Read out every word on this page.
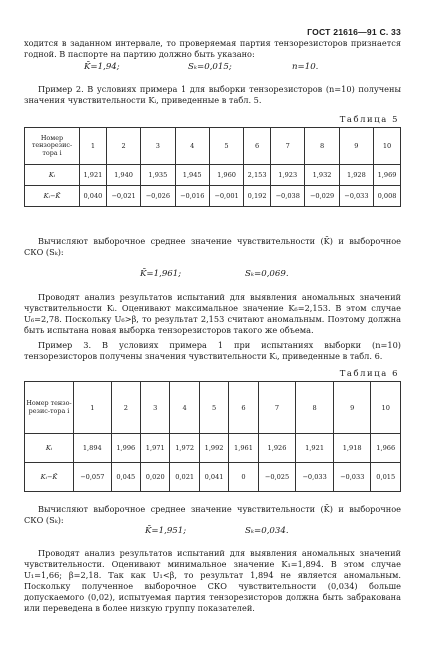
ГОСТ 21616—91 С. 33
ходится в заданном интервале, то проверяемая партия тензорезисторов признается годной. В паспорте на партию должно быть указано:
K̄=1,94;	Sₖ=0,015;	n=10.
Пример 2. В условиях примера 1 для выборки тензорезисторов (n=10) получены значения чувствительности Kᵢ, приведенные в табл. 5.
Таблица 5
Номер тензорезис-тора i	1	2	3	4	5	6	7	8	9	10
Kᵢ	1,921	1,940	1,935	1,945	1,960	2,153	1,923	1,932	1,928	1,969
Kᵢ−K̄	0,040	−0,021	−0,026	−0,016	−0,001	0,192	−0,038	−0,029	−0,033	0,008
Вычисляют выборочное среднее значение чувствительности (K̄) и выборочное СКО (Sₖ):
K̄=1,961;	Sₖ=0,069.
Проводят анализ результатов испытаний для выявления аномальных значений чувствительности Kᵢ. Оценивают максимальное значение K₆=2,153. В этом случае U₆=2,78. Поскольку U₆>β, то результат 2,153 считают аномальным. Поэтому должна быть испытана новая выборка тензорезисторов такого же объема.
Пример 3. В условиях примера 1 при испытаниях выборки (n=10) тензорезисторов получены значения чувствительности Kᵢ, приведенные в табл. 6.
Таблица 6
Номер тензо-резис-тора i	1	2	3	4	5	6	7	8	9	10
Kᵢ	1,894	1,996	1,971	1,972	1,992	1,961	1,926	1,921	1,918	1,966
Kᵢ−K̄	−0,057	0,045	0,020	0,021	0,041	0	−0,025	−0,033	−0,033	0,015
Вычисляют выборочное среднее значение чувствительности (K̄) и выборочное СКО (Sₖ):
K̄=1,951;	Sₖ=0,034.
Проводят анализ результатов испытаний для выявления аномальных значений чувствительности. Оценивают минимальное значение K₁=1,894. В этом случае U₁=1,66; β=2,18. Так как U₁<β, то результат 1,894 не является аномальным. Поскольку полученное выборочное СКО чувствительности (0,034) больше допускаемого (0,02), испытуемая партия тензорезисторов должна быть забракована или переведена в более низкую группу показателей.
